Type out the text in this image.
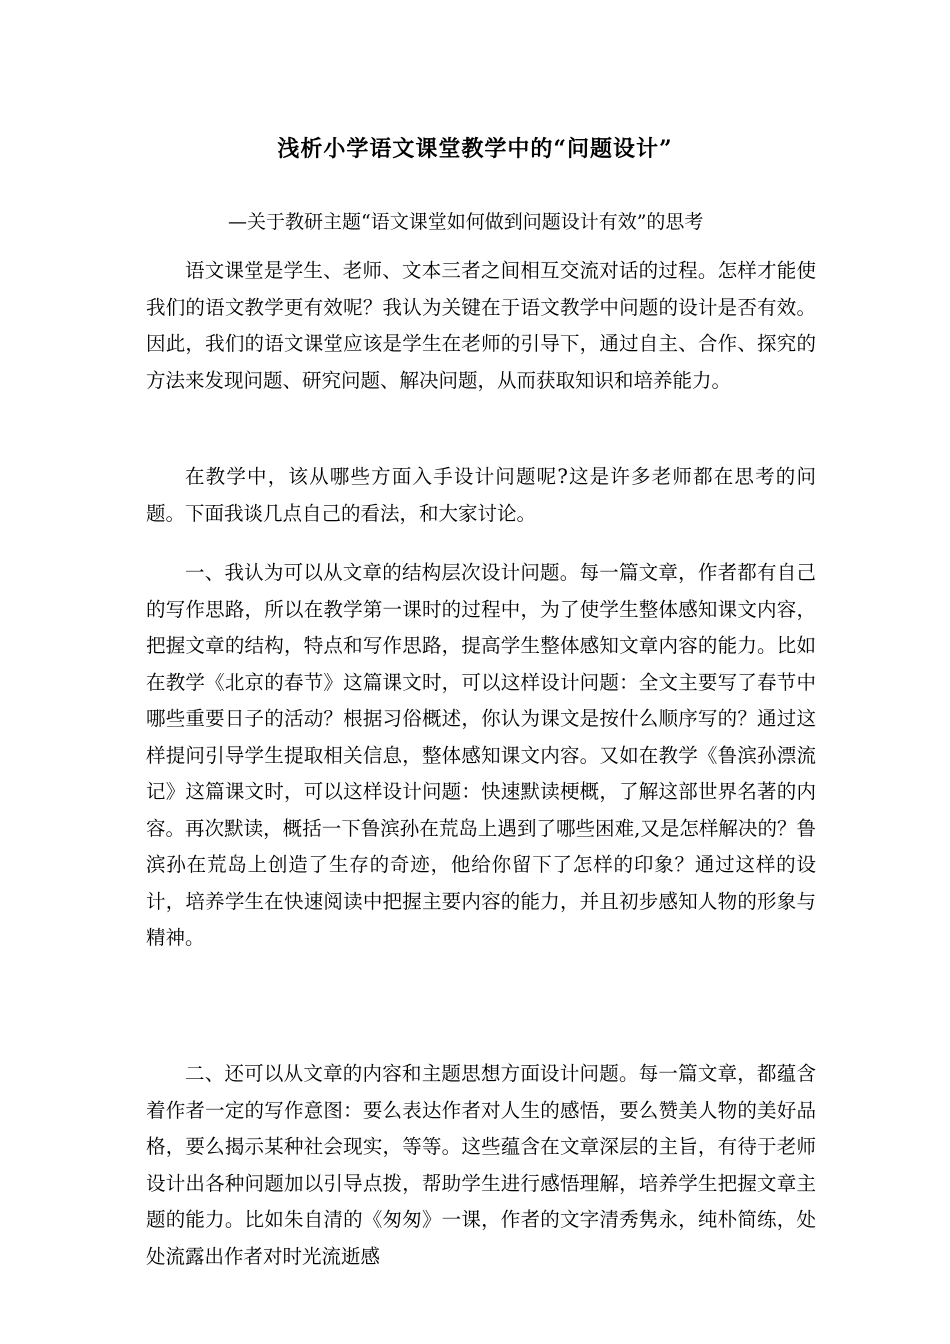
浅析小学语文课堂教学中的“问题设计”
—关于教研主题“语文课堂如何做到问题设计有效”的思考

语文课堂是学生、老师、文本三者之间相互交流对话的过程。怎样才能使我们的语文教学更有效呢？我认为关键在于语文教学中问题的设计是否有效。因此，我们的语文课堂应该是学生在老师的引导下，通过自主、合作、探究的方法来发现问题、研究问题、解决问题，从而获取知识和培养能力。

在教学中，该从哪些方面入手设计问题呢?这是许多老师都在思考的问题。下面我谈几点自己的看法，和大家讨论。

一、我认为可以从文章的结构层次设计问题。每一篇文章，作者都有自己的写作思路，所以在教学第一课时的过程中，为了使学生整体感知课文内容，把握文章的结构，特点和写作思路，提高学生整体感知文章内容的能力。比如在教学《北京的春节》这篇课文时，可以这样设计问题：全文主要写了春节中哪些重要日子的活动？根据习俗概述，你认为课文是按什么顺序写的？通过这样提问引导学生提取相关信息，整体感知课文内容。又如在教学《鲁滨孙漂流记》这篇课文时，可以这样设计问题：快速默读梗概，了解这部世界名著的内容。再次默读，概括一下鲁滨孙在荒岛上遇到了哪些困难,又是怎样解决的？鲁滨孙在荒岛上创造了生存的奇迹，他给你留下了怎样的印象？通过这样的设计，培养学生在快速阅读中把握主要内容的能力，并且初步感知人物的形象与精神。

二、还可以从文章的内容和主题思想方面设计问题。每一篇文章，都蕴含着作者一定的写作意图：要么表达作者对人生的感悟，要么赞美人物的美好品格，要么揭示某种社会现实，等等。这些蕴含在文章深层的主旨，有待于老师设计出各种问题加以引导点拨，帮助学生进行感悟理解，培养学生把握文章主题的能力。比如朱自清的《匆匆》一课，作者的文字清秀隽永，纯朴简练，处处流露出作者对时光流逝感
